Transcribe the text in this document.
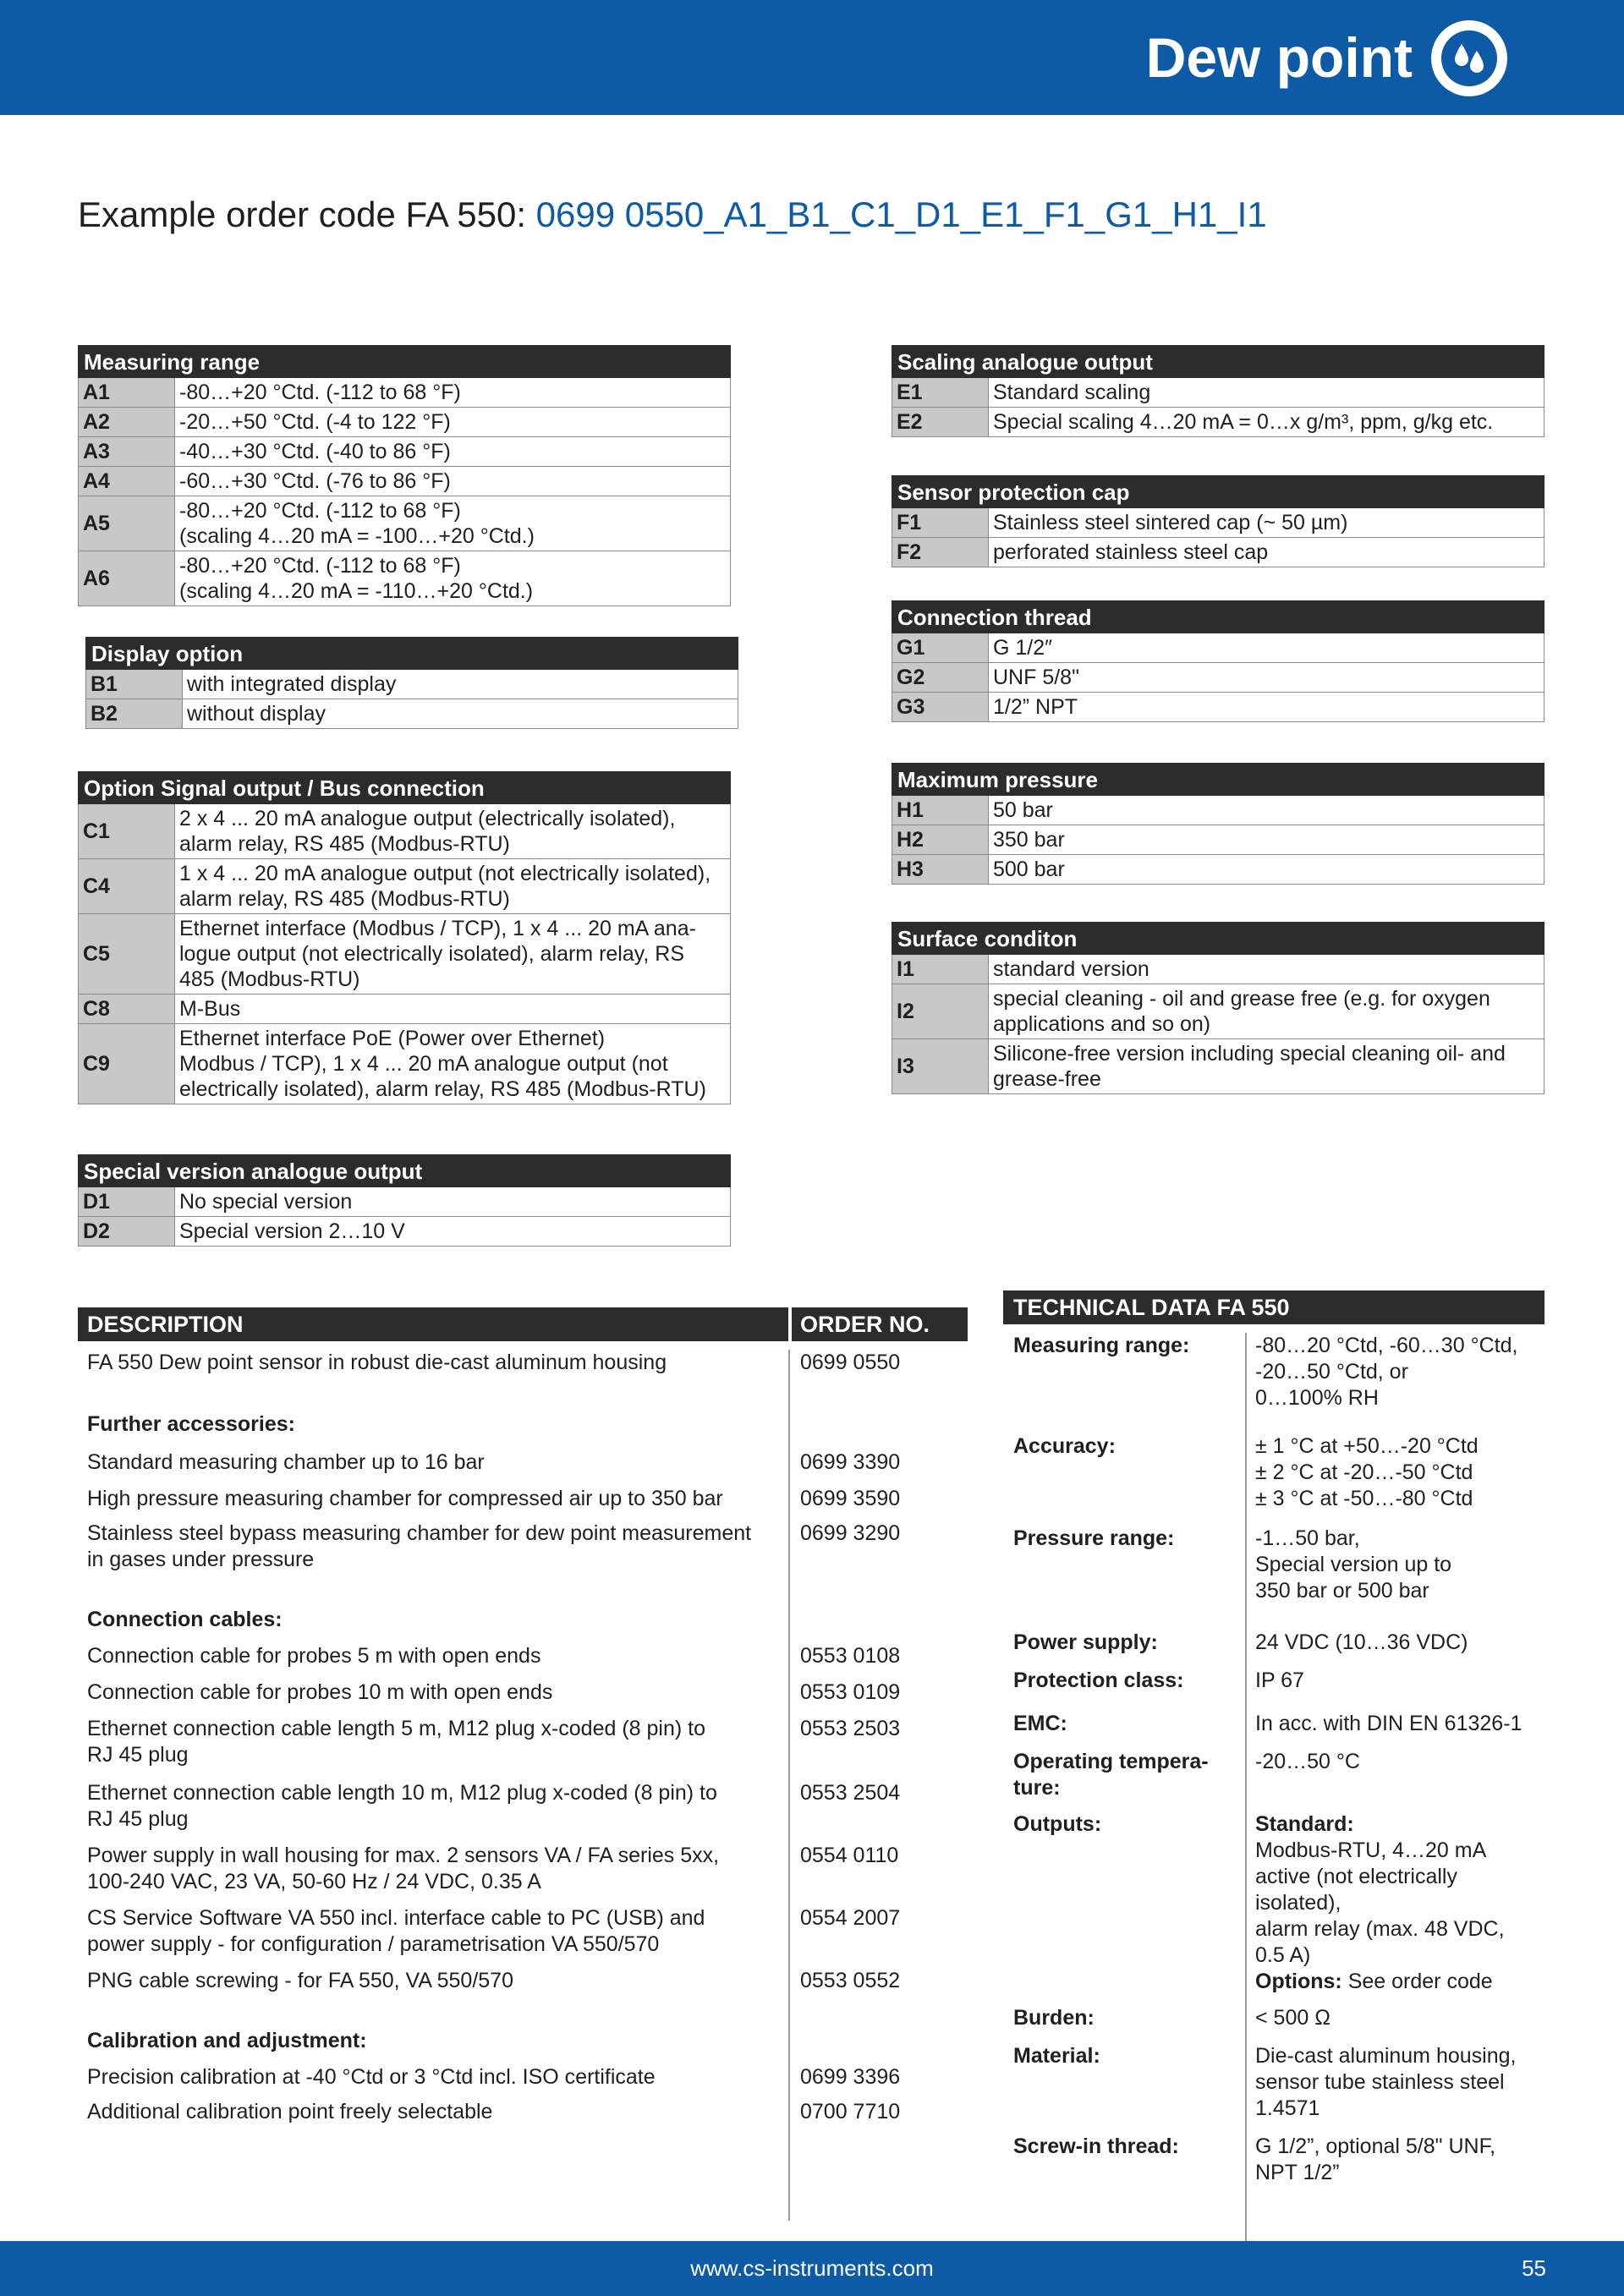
Dew point
Example order code FA 550: 0699 0550_A1_B1_C1_D1_E1_F1_G1_H1_I1
Measuring range	
A1	-80…+20 °Ctd. (-112 to 68 °F)
A2	-20…+50 °Ctd. (-4 to 122 °F)
A3	-40…+30 °Ctd. (-40 to 86 °F)
A4	-60…+30 °Ctd. (-76 to 86 °F)
A5	-80…+20 °Ctd. (-112 to 68 °F)
(scaling 4…20 mA = -100…+20 °Ctd.)
A6	-80…+20 °Ctd. (-112 to 68 °F)
(scaling 4…20 mA = -110…+20 °Ctd.)
Display option	
B1	with integrated display
B2	without display
Option Signal output / Bus connection	
C1	2 x 4 ... 20 mA analogue output (electrically isolated),
alarm relay, RS 485 (Modbus-RTU)
C4	1 x 4 ... 20 mA analogue output (not electrically isolated),
alarm relay, RS 485 (Modbus-RTU)
C5	Ethernet interface (Modbus / TCP), 1 x 4 ... 20 mA ana-
logue output (not electrically isolated), alarm relay, RS
485 (Modbus-RTU)
C8	M-Bus
C9	Ethernet interface PoE (Power over Ethernet)
Modbus / TCP), 1 x 4 ... 20 mA analogue output (not
electrically isolated), alarm relay, RS 485 (Modbus-RTU)
Special version analogue output	
D1	No special version
D2	Special version 2…10 V
Scaling analogue output	
E1	Standard scaling
E2	Special scaling 4…20 mA = 0…x g/m³, ppm, g/kg etc.
Sensor protection cap	
F1	Stainless steel sintered cap (~ 50 µm)
F2	perforated stainless steel cap
Connection thread	
G1	G 1/2″
G2	UNF 5/8"
G3	1/2” NPT
Maximum pressure	
H1	50 bar
H2	350 bar
H3	500 bar
Surface conditon	
I1	standard version
I2	special cleaning - oil and grease free (e.g. for oxygen
applications and so on)
I3	Silicone-free version including special cleaning oil- and
grease-free
DESCRIPTION	ORDER NO.
FA 550 Dew point sensor in robust die-cast aluminum housing	0699 0550
Further accessories:
Standard measuring chamber up to 16 bar	0699 3390
High pressure measuring chamber for compressed air up to 350 bar	0699 3590
Stainless steel bypass measuring chamber for dew point measurement
in gases under pressure
0699 3290
Connection cables:
Connection cable for probes 5 m with open ends	0553 0108
Connection cable for probes 10 m with open ends	0553 0109
Ethernet connection cable length 5 m, M12 plug x-coded (8 pin) to
RJ 45 plug
0553 2503
Ethernet connection cable length 10 m, M12 plug x-coded (8 pin) to
RJ 45 plug
0553 2504
Power supply in wall housing for max. 2 sensors VA / FA series 5xx,
100-240 VAC, 23 VA, 50-60 Hz / 24 VDC, 0.35 A
0554 0110
CS Service Software VA 550 incl. interface cable to PC (USB) and
power supply - for configuration / parametrisation VA 550/570
0554 2007
PNG cable screwing - for FA 550, VA 550/570	0553 0552
Calibration and adjustment:
Precision calibration at -40 °Ctd or 3 °Ctd incl. ISO certificate	0699 3396
Additional calibration point freely selectable	0700 7710
TECHNICAL DATA FA 550
Measuring range:	-80…20 °Ctd, -60…30 °Ctd,
-20…50 °Ctd, or
0…100% RH
Accuracy:	± 1 °C at +50…-20 °Ctd
± 2 °C at -20…-50 °Ctd
± 3 °C at -50…-80 °Ctd
Pressure range:	-1…50 bar,
Special version up to
350 bar or 500 bar
Power supply:	24 VDC (10…36 VDC)
Protection class:	IP 67
EMC:	In acc. with DIN EN 61326-1
Operating tempera-
ture:
-20…50 °C
Outputs:	Standard:
Modbus-RTU, 4…20 mA
active (not electrically
isolated),
alarm relay (max. 48 VDC,
0.5 A)
Options: See order code
Burden:	< 500 Ω
Material:	Die-cast aluminum housing,
sensor tube stainless steel
1.4571
Screw-in thread:	G 1/2”, optional 5/8" UNF,
NPT 1/2”
www.cs-instruments.com	55
